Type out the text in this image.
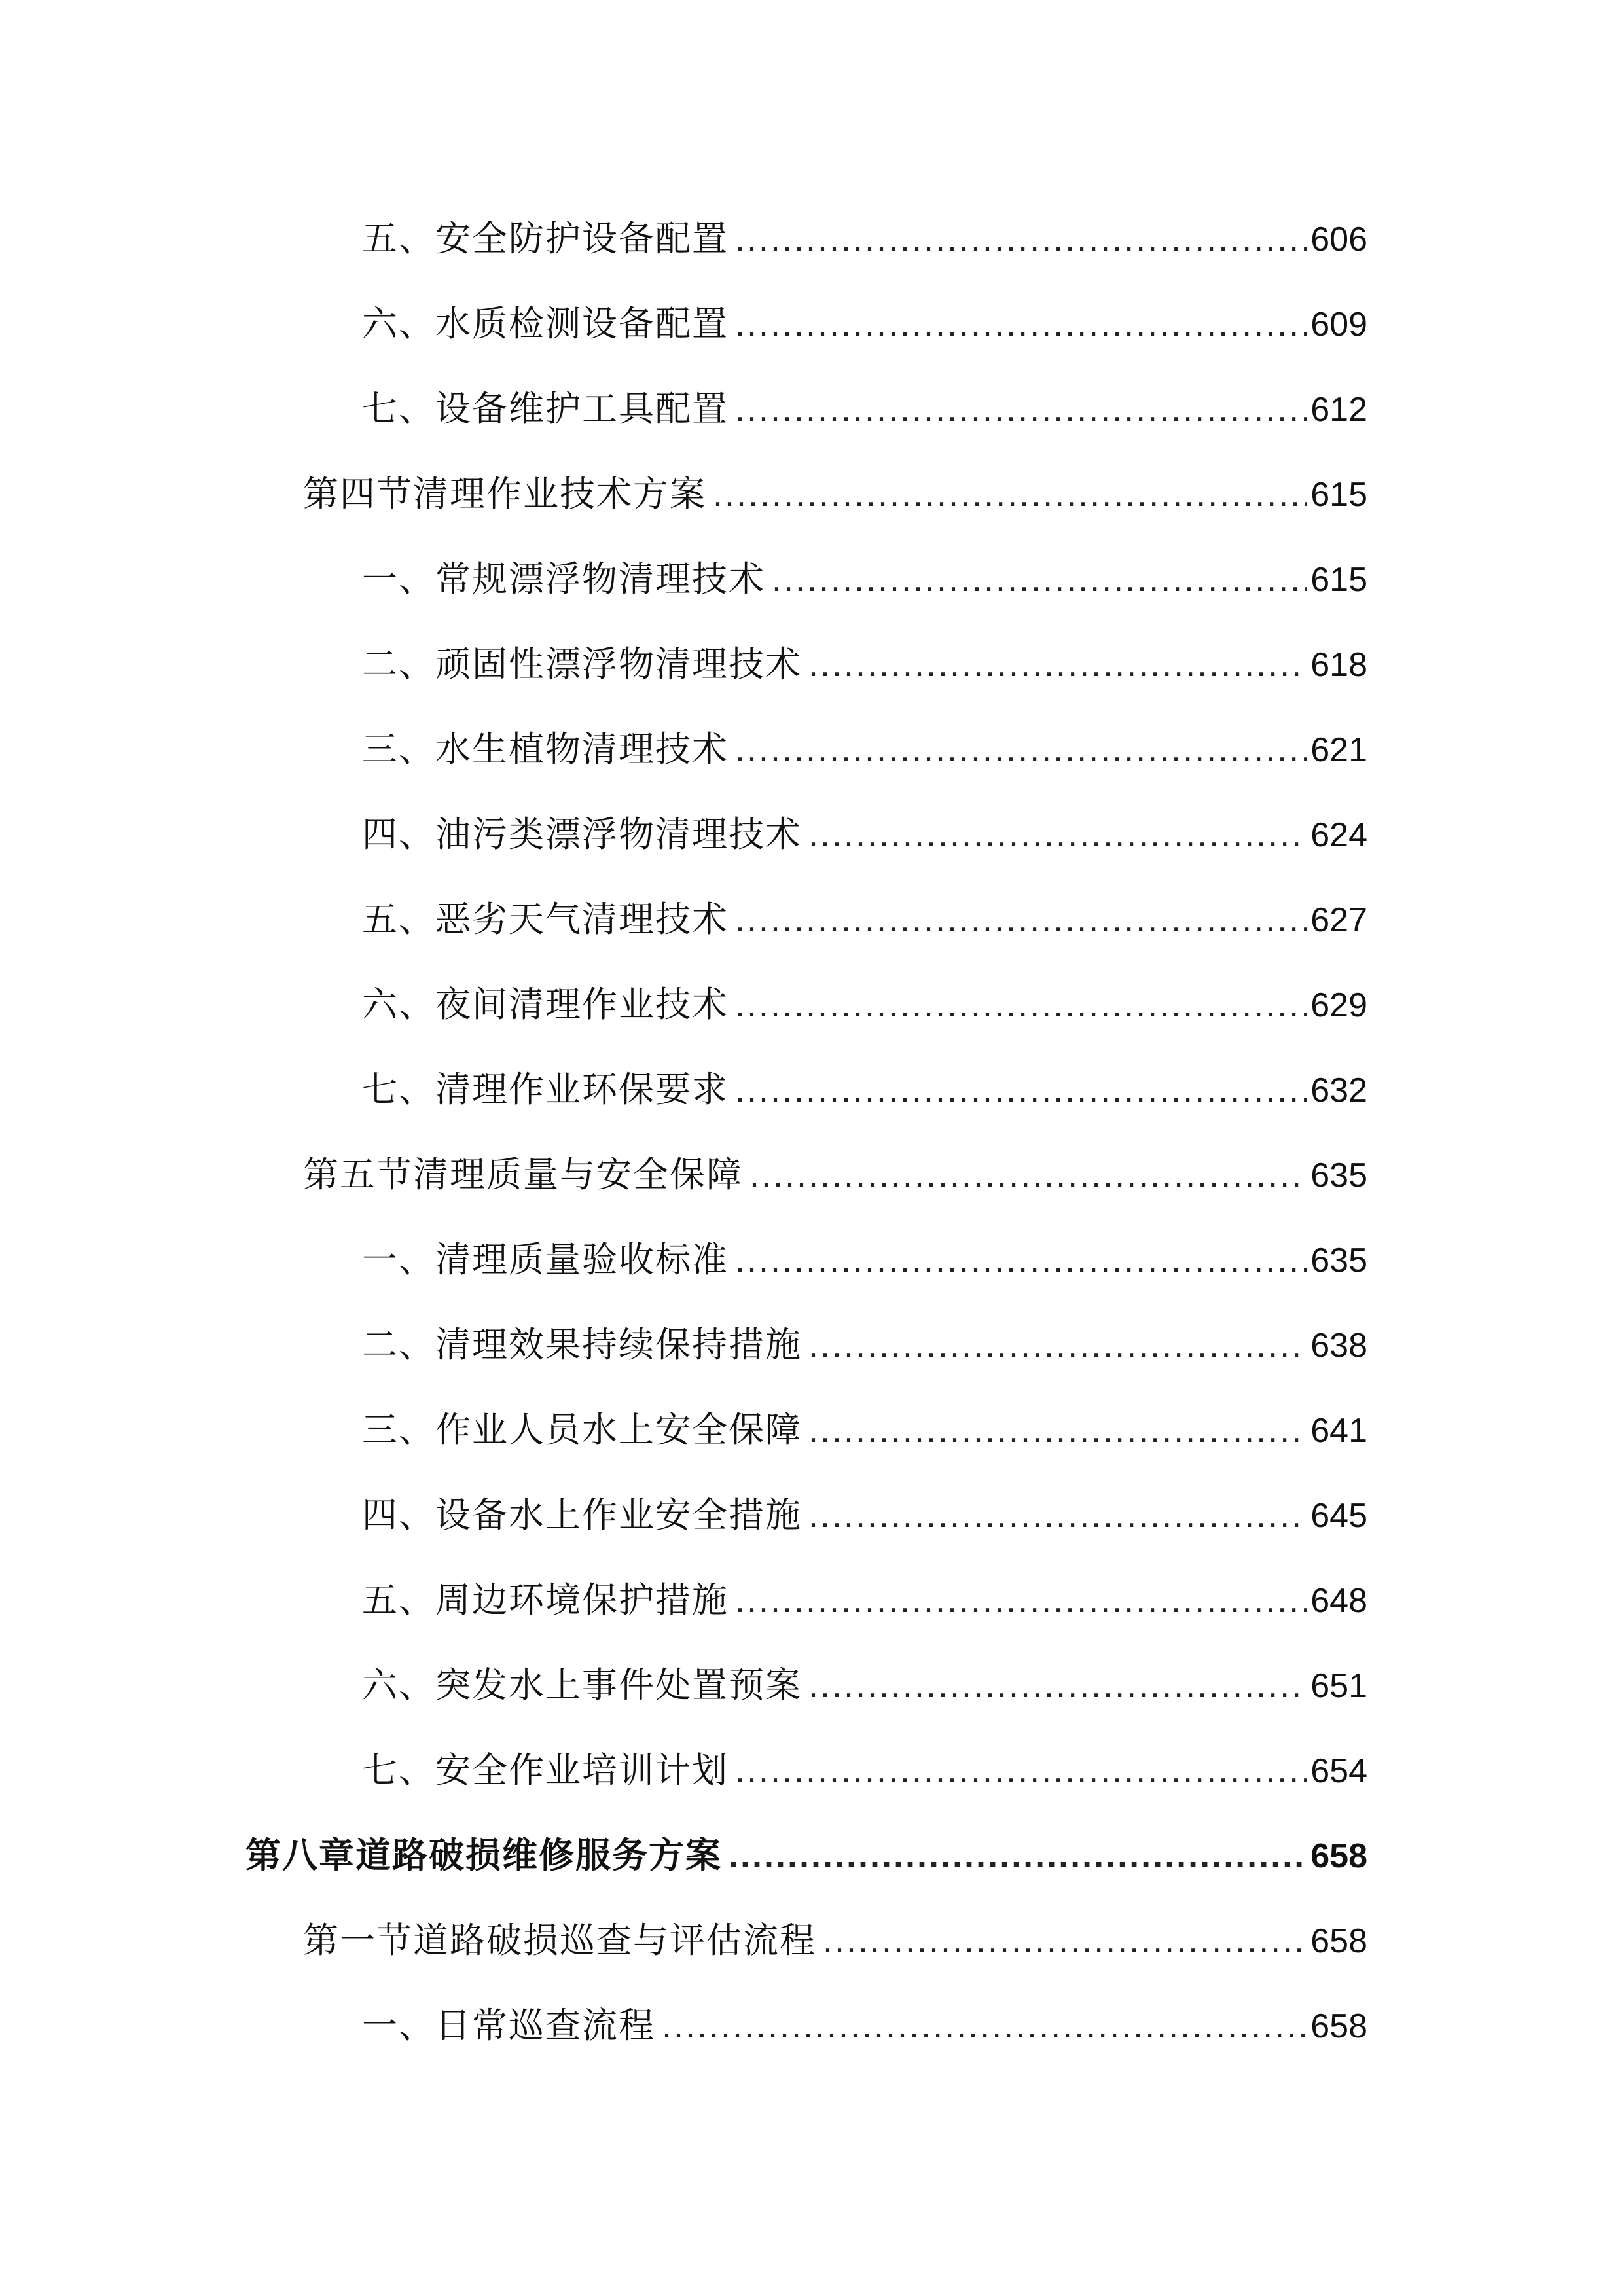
五、安全防护设备配置 .....	606
六、水质检测设备配置 .....	609
七、设备维护工具配置 .....	612
第四节清理作业技术方案 .....	615
一、常规漂浮物清理技术 .....	615
二、顽固性漂浮物清理技术 .....	618
三、水生植物清理技术 .....	621
四、油污类漂浮物清理技术 .....	624
五、恶劣天气清理技术 .....	627
六、夜间清理作业技术 .....	629
七、清理作业环保要求 .....	632
第五节清理质量与安全保障 .....	635
一、清理质量验收标准 .....	635
二、清理效果持续保持措施 .....	638
三、作业人员水上安全保障 .....	641
四、设备水上作业安全措施 .....	645
五、周边环境保护措施 .....	648
六、突发水上事件处置预案 .....	651
七、安全作业培训计划 .....	654
第八章道路破损维修服务方案 .....	658
第一节道路破损巡查与评估流程 .....	658
一、日常巡查流程 .....	658
